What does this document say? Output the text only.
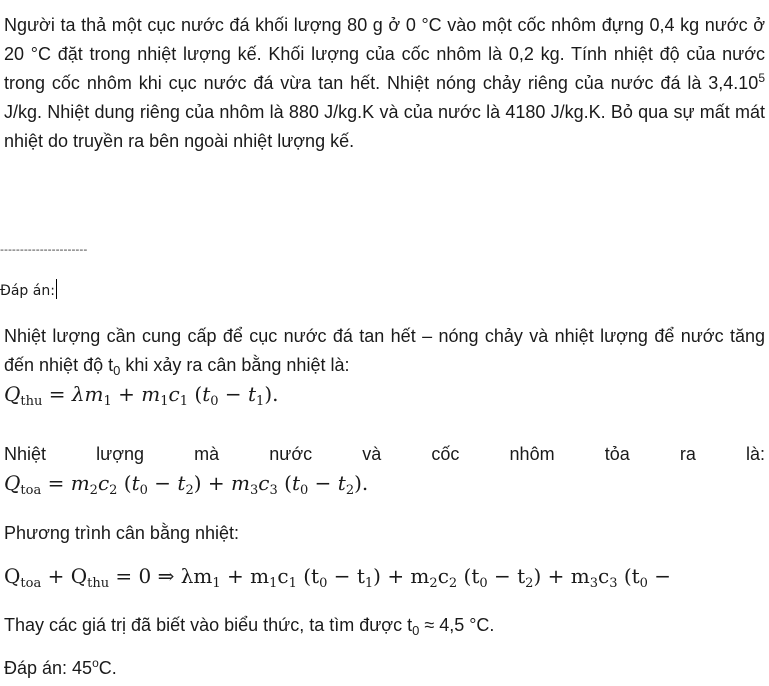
Người ta thả một cục nước đá khối lượng 80 g ở 0 °C vào một cốc nhôm đựng 0,4 kg nước ở 20 °C đặt trong nhiệt lượng kế. Khối lượng của cốc nhôm là 0,2 kg. Tính nhiệt độ của nước trong cốc nhôm khi cục nước đá vừa tan hết. Nhiệt nóng chảy riêng của nước đá là 3,4.10$^5$ J/kg. Nhiệt dung riêng của nhôm là 880 J/kg.K và của nước là 4180 J/kg.K. Bỏ qua sự mất mát nhiệt do truyền ra bên ngoài nhiệt lượng kế.

----------------------
Đáp án:

Nhiệt lượng cần cung cấp để cục nước đá tan hết – nóng chảy và nhiệt lượng để nước tăng đến nhiệt độ $t_0$ khi xảy ra cân bằng nhiệt là:
$Q_{thu} = \lambda m_1 + m_1c_1$ $(t_0 - t_1)$.

Nhiệt lượng mà nước và cốc nhôm tỏa ra là:
$Q_{toa} = m_2c_2$ $(t_0 - t_2) + m_3c_3$ $(t_0 - t_2)$.

Phương trình cân bằng nhiệt:

$Q_{toa} + Q_{thu} = 0$ ⇒ $\lambda m_1 + m_1c_1$ $(t_0 - t_1) + m_2c_2$ $(t_0 - t_2) + m_3c_3$ ($t_0$ −

Thay các giá trị đã biết vào biểu thức, ta tìm được $t_0 \approx 4,5$ °C.

Đáp án: 45$^o$C.
